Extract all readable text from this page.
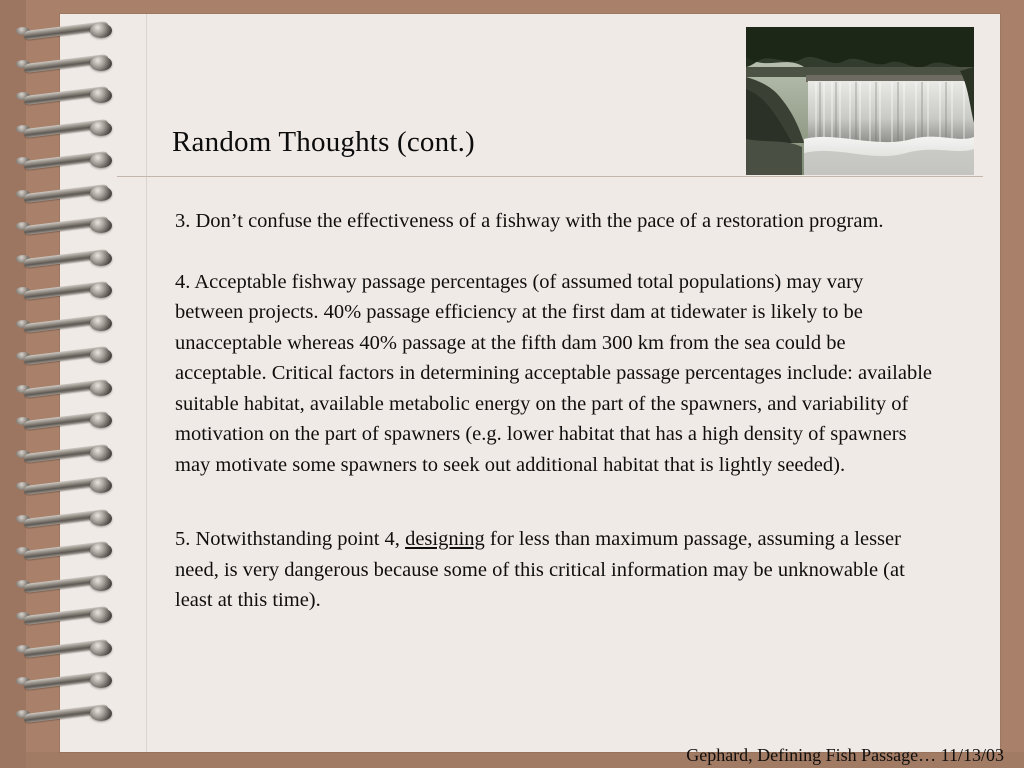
Random Thoughts (cont.)

3. Don’t confuse the effectiveness of a fishway with the pace of a restoration program.

4. Acceptable fishway passage percentages (of assumed total populations) may vary between projects. 40% passage efficiency at the first dam at tidewater is likely to be unacceptable whereas 40% passage at the fifth dam 300 km from the sea could be acceptable. Critical factors in determining acceptable passage percentages include: available suitable habitat, available metabolic energy on the part of the spawners, and variability of motivation on the part of spawners (e.g. lower habitat that has a high density of spawners may motivate some spawners to seek out additional habitat that is lightly seeded).

5. Notwithstanding point 4, designing for less than maximum passage, assuming a lesser need, is very dangerous because some of this critical information may be unknowable (at least at this time).

Gephard, Defining Fish Passage… 11/13/03
